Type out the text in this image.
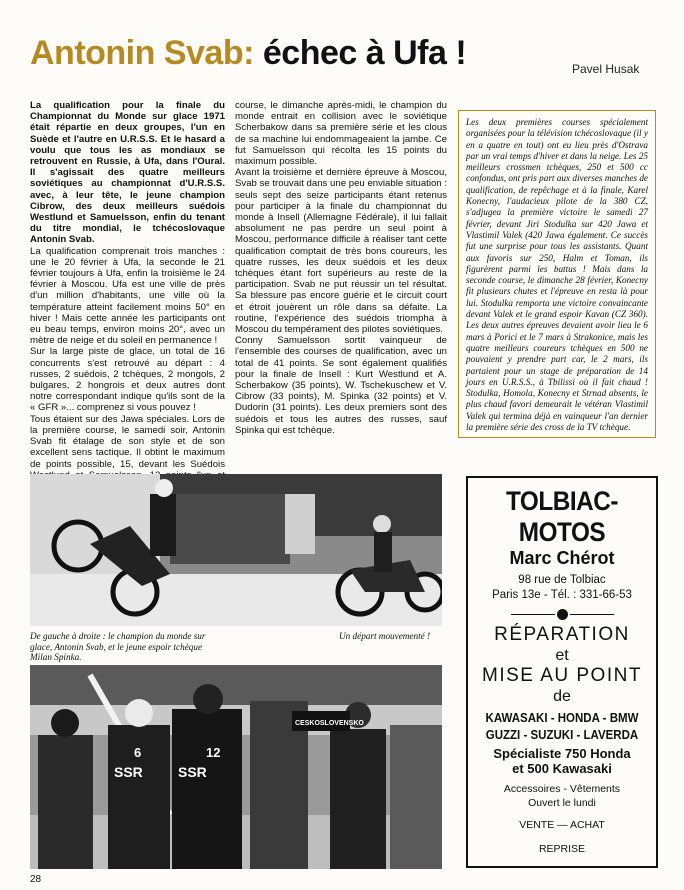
Antonin Svab: échec à Ufa !	Pavel Husak

La qualification pour la finale du Championnat du Monde sur glace 1971 était répartie en deux groupes, l'un en Suède et l'autre en U.R.S.S. Et le hasard a voulu que tous les as mondiaux se retrouvent en Russie, à Ufa, dans l'Oural. Il s'agissait des quatre meilleurs soviétiques au championnat d'U.R.S.S. avec, à leur tête, le jeune champion Cibrow, des deux meilleurs suédois Westlund et Samuelsson, enfin du tenant du titre mondial, le tchécoslovaque Antonin Svab.

La qualification comprenait trois manches : une le 20 février à Ufa, la seconde le 21 février toujours à Ufa, enfin la troisième le 24 février à Moscou. Ufa est une ville de près d'un million d'habitants, une ville où la température atteint facilement moins 50° en hiver ! Mais cette année les participants ont eu beau temps, environ moins 20°, avec un mètre de neige et du soleil en permanence !

Sur la large piste de glace, un total de 16 concurrents s'est retrouvé au départ : 4 russes, 2 suédois, 2 tchèques, 2 mongols, 2 bulgares, 2 hongrois et deux autres dont notre correspondant indique qu'ils sont de la « GFR »... comprenez si vous pouvez !

Tous étaient sur des Jawa spéciales. Lors de la première course, le samedi soir, Antonin Svab fit étalage de son style et de son excellent sens tactique. Il obtint le maximum de points possible, 15, devant les Suédois

course, le dimanche après-midi, le champion du monde entrait en collision avec le soviétique Scherbakow dans sa première série et les clous de sa machine lui endommageaient la jambe. Ce fut Samuelsson qui récolta les 15 points du maximum possible.

Avant la troisième et dernière épreuve à Moscou, Svab se trouvait dans une peu enviable situation : seuls sept des seize participants étant retenus pour participer à la finale du championnat du monde à Insell (Allemagne Fédérale), il lui fallait absolument ne pas perdre un seul point à Moscou, performance difficile à réaliser tant cette qualification comptait de très bons coureurs, les quatre russes, les deux suédois et les deux tchèques étant fort supérieurs au reste de la participation. Svab ne put réussir un tel résultat. Sa blessure pas encore guérie et le circuit court et étroit jouèrent un rôle dans sa défaite. La routine, l'expérience des suédois triompha à Moscou du tempérament des pilotes soviétiques.

Conny Samuelsson sortit vainqueur de l'ensemble des courses de qualification, avec un total de 41 points. Se sont également qualifiés pour la finale de Insell : Kurt Westlund et A. Scherbakow (35 points), W. Tschekuschew et V. Cibrow (33 points), M. Spinka (32 points) et V. Dudorin (31 points). Les deux premiers sont des suédois et tous les autres des russes, sauf Spinka qui est tchèque.

Les deux premières courses spécialement organisées pour la télévision tchécoslovaque (il y en a quatre en tout) ont eu lieu près d'Ostrava par un vrai temps d'hiver et dans la neige. Les 25 meilleurs crossmen tchèques, 250 et 500 cc confondus, ont pris part aux diverses manches de qualification, de repêchage et à la finale, Karel Konecny, l'audacieux pilote de la 380 CZ, s'adjugea la première victoire le samedi 27 février, devant Jiri Stodulka sur 420 Jawa et Vlastimil Valek (420 Jawa également. Ce succès fut une surprise pour tous les assistants. Quant aux favoris sur 250, Halm et Toman, ils figurèrent parmi les battus ! Mais dans la seconde course, le dimanche 28 février, Konecny fit plusieurs chutes et l'épreuve en resta là pour lui. Stodulka remporta une victoire convaincante devant Valek et le grand espoir Kavan (CZ 360). Les deux autres épreuves devaient avoir lieu le 6 mars à Porici et le 7 mars à Strakonice, mais les quatre meilleurs coureurs tchèques en 500 ne pouvaient y prendre part car, le 2 mars, ils partaient pour un stage de préparation de 14 jours en U.R.S.S., à Tbilissi où il fait chaud ! Stodulka, Homola, Konecny et Strnad absents, le plus chaud favori demeurait le vétéran Vlastimil Valek qui termina déjà en vainqueur l'an dernier la première série des cross de la TV tchèque.
De gauche à droite : le champion du monde sur glace, Antonin Svab, et le jeune espoir tchèque Milan Spinka.
Un départ mouvementé !
CESKOSLOVENSKO
SSR	SSR
6	12
TOLBIAC-MOTOS
Marc Chérot
98 rue de Tolbiac
Paris 13e - Tél. : 331-66-53
RÉPARATION
et
MISE AU POINT
de
KAWASAKI - HONDA - BMW
GUZZI - SUZUKI - LAVERDA
Spécialiste 750 Honda
et 500 Kawasaki
Accessoires - Vêtements
Ouvert le lundi
VENTE — ACHAT
REPRISE
28
